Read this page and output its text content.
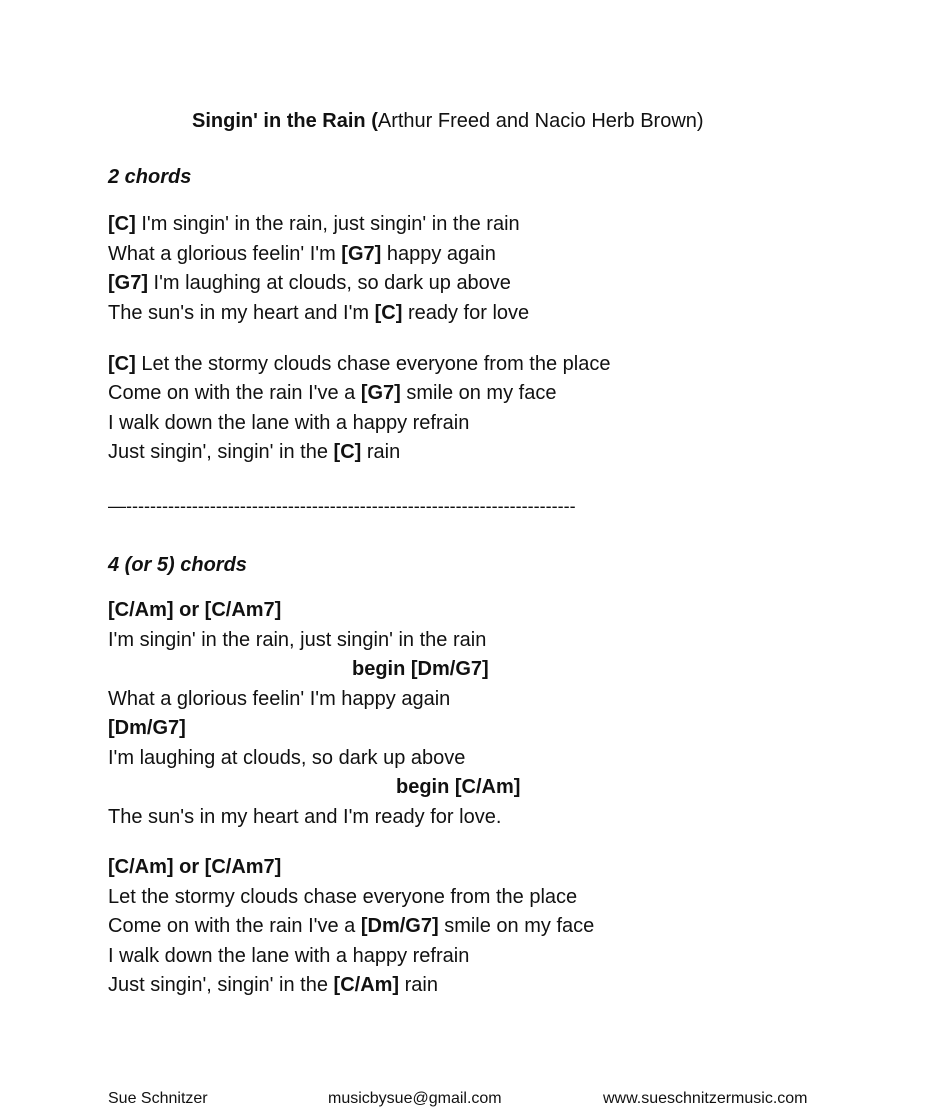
Singin' in the Rain (Arthur Freed and Nacio Herb Brown)
2 chords
[C] I'm singin' in the rain, just singin' in the rain
What a glorious feelin' I'm [G7] happy again
[G7] I'm laughing at clouds, so dark up above
The sun's in my heart and I'm [C] ready for love
[C] Let the stormy clouds chase everyone from the place
Come on with the rain I've a [G7] smile on my face
I walk down the lane with a happy refrain
Just singin', singin' in the [C] rain
—---------------------------------------------------------------------------
4 (or 5) chords
[C/Am] or [C/Am7]
I'm singin' in the rain, just singin' in the rain
begin [Dm/G7]
What a glorious feelin' I'm happy again
[Dm/G7]
I'm laughing at clouds, so dark up above
begin [C/Am]
The sun's in my heart and I'm ready for love.
[C/Am] or [C/Am7]
Let the stormy clouds chase everyone from the place
Come on with the rain I've a [Dm/G7] smile on my face
I walk down the lane with a happy refrain
Just singin', singin' in the [C/Am] rain
Sue Schnitzer	musicbysue@gmail.com	www.sueschnitzermusic.com
